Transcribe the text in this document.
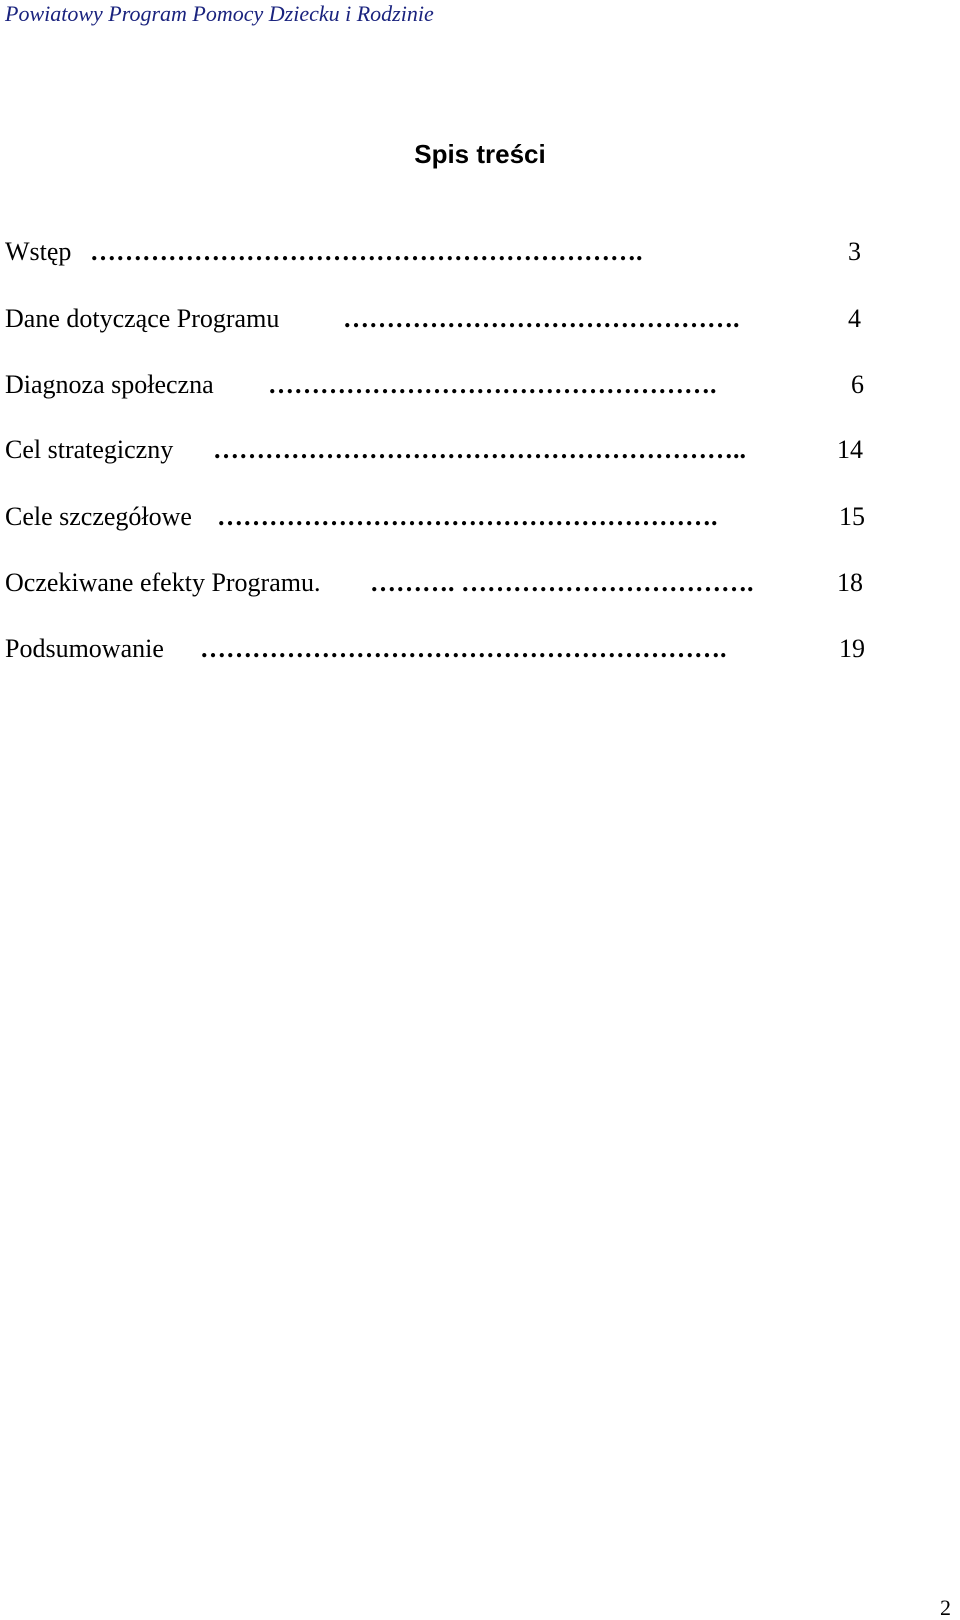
Powiatowy Program Pomocy Dziecku i Rodzinie
Spis treści
Wstęp ……………………………………………………….	3
Dane dotyczące Programu ……………………………………….	4
Diagnoza społeczna …………………………………………….	6
Cel strategiczny ……………………………………………………..	14
Cele szczegółowe ………………………………………………….	15
Oczekiwane efekty Programu. ………. …………………………….	18
Podsumowanie …………………………………………………….	19
2
